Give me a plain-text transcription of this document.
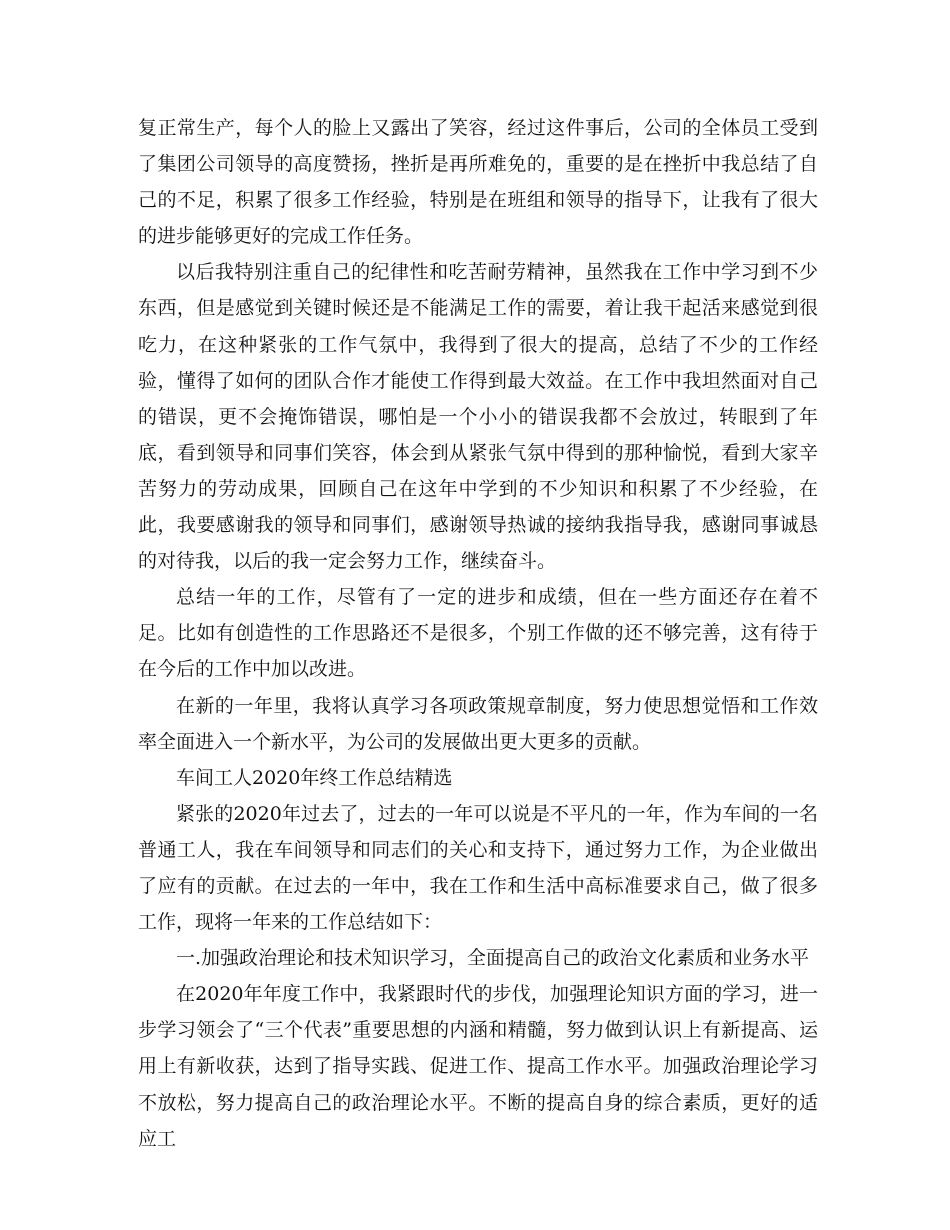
复正常生产，每个人的脸上又露出了笑容，经过这件事后，公司的全体员工受到了集团公司领导的高度赞扬，挫折是再所难免的，重要的是在挫折中我总结了自己的不足，积累了很多工作经验，特别是在班组和领导的指导下，让我有了很大的进步能够更好的完成工作任务。

以后我特别注重自己的纪律性和吃苦耐劳精神，虽然我在工作中学习到不少东西，但是感觉到关键时候还是不能满足工作的需要，着让我干起活来感觉到很吃力，在这种紧张的工作气氛中，我得到了很大的提高，总结了不少的工作经验，懂得了如何的团队合作才能使工作得到最大效益。在工作中我坦然面对自己的错误，更不会掩饰错误，哪怕是一个小小的错误我都不会放过，转眼到了年底，看到领导和同事们笑容，体会到从紧张气氛中得到的那种愉悦，看到大家辛苦努力的劳动成果，回顾自己在这年中学到的不少知识和积累了不少经验，在此，我要感谢我的领导和同事们，感谢领导热诚的接纳我指导我，感谢同事诚恳的对待我，以后的我一定会努力工作，继续奋斗。

总结一年的工作，尽管有了一定的进步和成绩，但在一些方面还存在着不足。比如有创造性的工作思路还不是很多，个别工作做的还不够完善，这有待于在今后的工作中加以改进。

在新的一年里，我将认真学习各项政策规章制度，努力使思想觉悟和工作效率全面进入一个新水平，为公司的发展做出更大更多的贡献。

车间工人2020年终工作总结精选

紧张的2020年过去了，过去的一年可以说是不平凡的一年，作为车间的一名普通工人，我在车间领导和同志们的关心和支持下，通过努力工作，为企业做出了应有的贡献。在过去的一年中，我在工作和生活中高标准要求自己，做了很多工作，现将一年来的工作总结如下：

一.加强政治理论和技术知识学习，全面提高自己的政治文化素质和业务水平

在2020年年度工作中，我紧跟时代的步伐，加强理论知识方面的学习，进一步学习领会了“三个代表”重要思想的内涵和精髓，努力做到认识上有新提高、运用上有新收获，达到了指导实践、促进工作、提高工作水平。加强政治理论学习不放松，努力提高自己的政治理论水平。不断的提高自身的综合素质，更好的适应工
